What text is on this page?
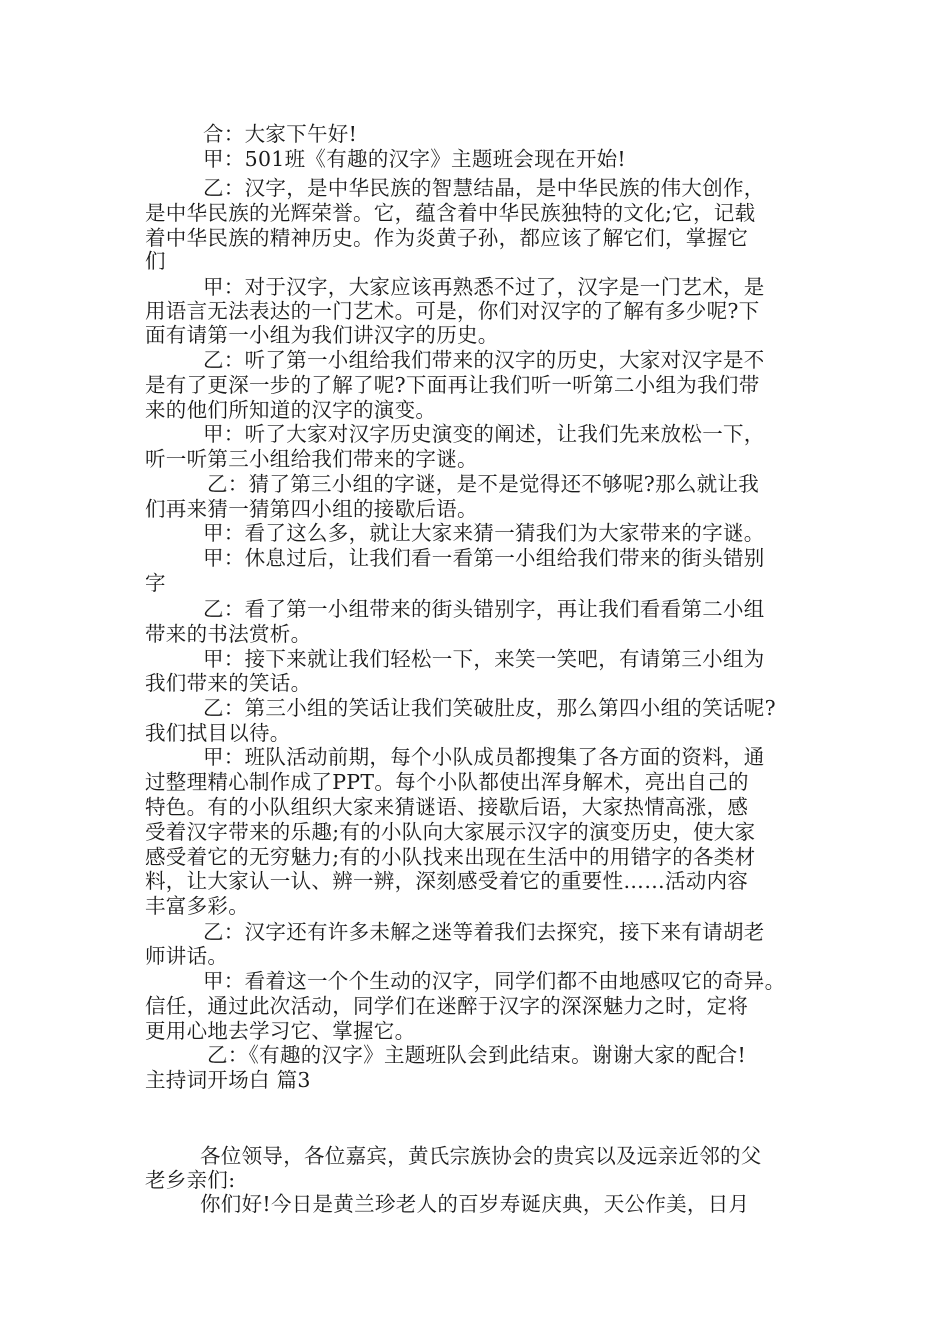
合：大家下午好!
甲：501班《有趣的汉字》主题班会现在开始!
乙：汉字，是中华民族的智慧结晶，是中华民族的伟大创作，
是中华民族的光辉荣誉。它，蕴含着中华民族独特的文化;它，记载
着中华民族的精神历史。作为炎黄子孙，都应该了解它们，掌握它
们
甲：对于汉字，大家应该再熟悉不过了，汉字是一门艺术，是
用语言无法表达的一门艺术。可是，你们对汉字的了解有多少呢?下
面有请第一小组为我们讲汉字的历史。
乙：听了第一小组给我们带来的汉字的历史，大家对汉字是不
是有了更深一步的了解了呢?下面再让我们听一听第二小组为我们带
来的他们所知道的汉字的演变。
甲：听了大家对汉字历史演变的阐述，让我们先来放松一下，
听一听第三小组给我们带来的字谜。
乙：猜了第三小组的字谜，是不是觉得还不够呢?那么就让我
们再来猜一猜第四小组的接歇后语。
甲：看了这么多，就让大家来猜一猜我们为大家带来的字谜。
甲：休息过后，让我们看一看第一小组给我们带来的街头错别
字
乙：看了第一小组带来的街头错别字，再让我们看看第二小组
带来的书法赏析。
甲：接下来就让我们轻松一下，来笑一笑吧，有请第三小组为
我们带来的笑话。
乙：第三小组的笑话让我们笑破肚皮，那么第四小组的笑话呢?
我们拭目以待。
甲：班队活动前期，每个小队成员都搜集了各方面的资料，通
过整理精心制作成了PPT。每个小队都使出浑身解术，亮出自己的
特色。有的小队组织大家来猜谜语、接歇后语，大家热情高涨，感
受着汉字带来的乐趣;有的小队向大家展示汉字的演变历史，使大家
感受着它的无穷魅力;有的小队找来出现在生活中的用错字的各类材
料，让大家认一认、辨一辨，深刻感受着它的重要性……活动内容
丰富多彩。
乙：汉字还有许多未解之迷等着我们去探究，接下来有请胡老
师讲话。
甲：看着这一个个生动的汉字，同学们都不由地感叹它的奇异。
信任，通过此次活动，同学们在迷醉于汉字的深深魅力之时，定将
更用心地去学习它、掌握它。
乙：《有趣的汉字》主题班队会到此结束。谢谢大家的配合!
主持词开场白 篇3
各位领导，各位嘉宾，黄氏宗族协会的贵宾以及远亲近邻的父
老乡亲们:
你们好!今日是黄兰珍老人的百岁寿诞庆典，天公作美，日月
